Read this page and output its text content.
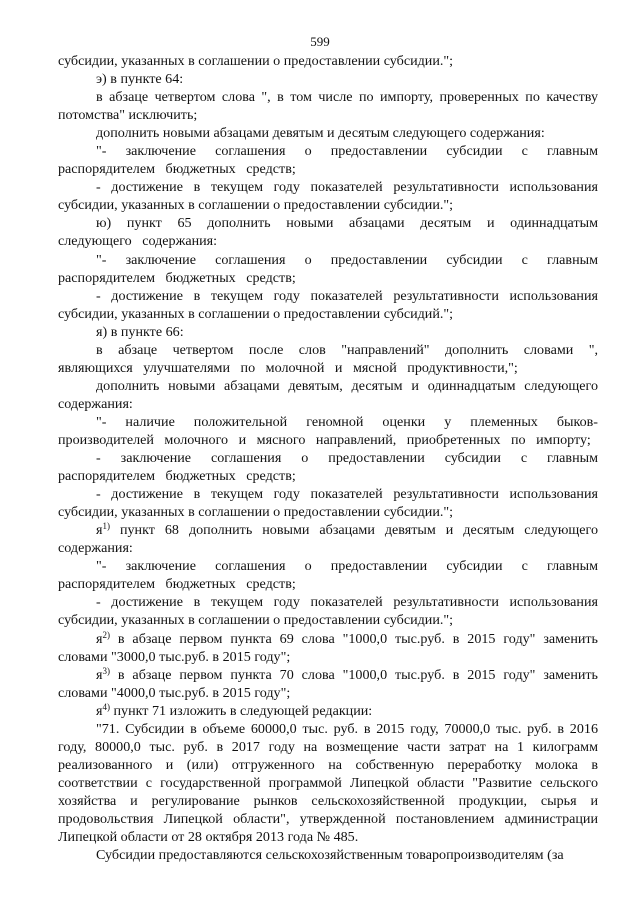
599

субсидии, указанных в соглашении о предоставлении субсидии.";

э) в пункте 64:

в абзаце четвертом слова ", в том числе по импорту, проверенных по качеству потомства" исключить;

дополнить новыми абзацами девятым и десятым следующего содержания:

"- заключение соглашения о предоставлении субсидии с главным распорядителем бюджетных средств;

- достижение в текущем году показателей результативности использования субсидии, указанных в соглашении о предоставлении субсидии.";

ю) пункт 65 дополнить новыми абзацами десятым и одиннадцатым следующего содержания:

"- заключение соглашения о предоставлении субсидии с главным распорядителем бюджетных средств;

- достижение в текущем году показателей результативности использования субсидии, указанных в соглашении о предоставлении субсидий.";

я) в пункте 66:

в абзаце четвертом после слов "направлений" дополнить словами ", являющихся улучшателями по молочной и мясной продуктивности,";

дополнить новыми абзацами девятым, десятым и одиннадцатым следующего содержания:

"- наличие положительной геномной оценки у племенных быков-производителей молочного и мясного направлений, приобретенных по импорту;

- заключение соглашения о предоставлении субсидии с главным распорядителем бюджетных средств;

- достижение в текущем году показателей результативности использования субсидии, указанных в соглашении о предоставлении субсидии.";

$я^{1)}$ пункт 68 дополнить новыми абзацами девятым и десятым следующего содержания:

"- заключение соглашения о предоставлении субсидии с главным распорядителем бюджетных средств;

- достижение в текущем году показателей результативности использования субсидии, указанных в соглашении о предоставлении субсидии.";

$я^{2)}$ в абзаце первом пункта 69 слова "1000,0 тыс.руб. в 2015 году" заменить словами "3000,0 тыс.руб. в 2015 году";

$я^{3)}$ в абзаце первом пункта 70 слова "1000,0 тыс.руб. в 2015 году" заменить словами "4000,0 тыс.руб. в 2015 году";

$я^{4)}$ пункт 71 изложить в следующей редакции:

"71. Субсидии в объеме 60000,0 тыс. руб. в 2015 году, 70000,0 тыс. руб. в 2016 году, 80000,0 тыс. руб. в 2017 году на возмещение части затрат на 1 килограмм реализованного и (или) отгруженного на собственную переработку молока в соответствии с государственной программой Липецкой области "Развитие сельского хозяйства и регулирование рынков сельскохозяйственной продукции, сырья и продовольствия Липецкой области", утвержденной постановлением администрации Липецкой области от 28 октября 2013 года № 485.

Субсидии предоставляются сельскохозяйственным товаропроизводителям (за
